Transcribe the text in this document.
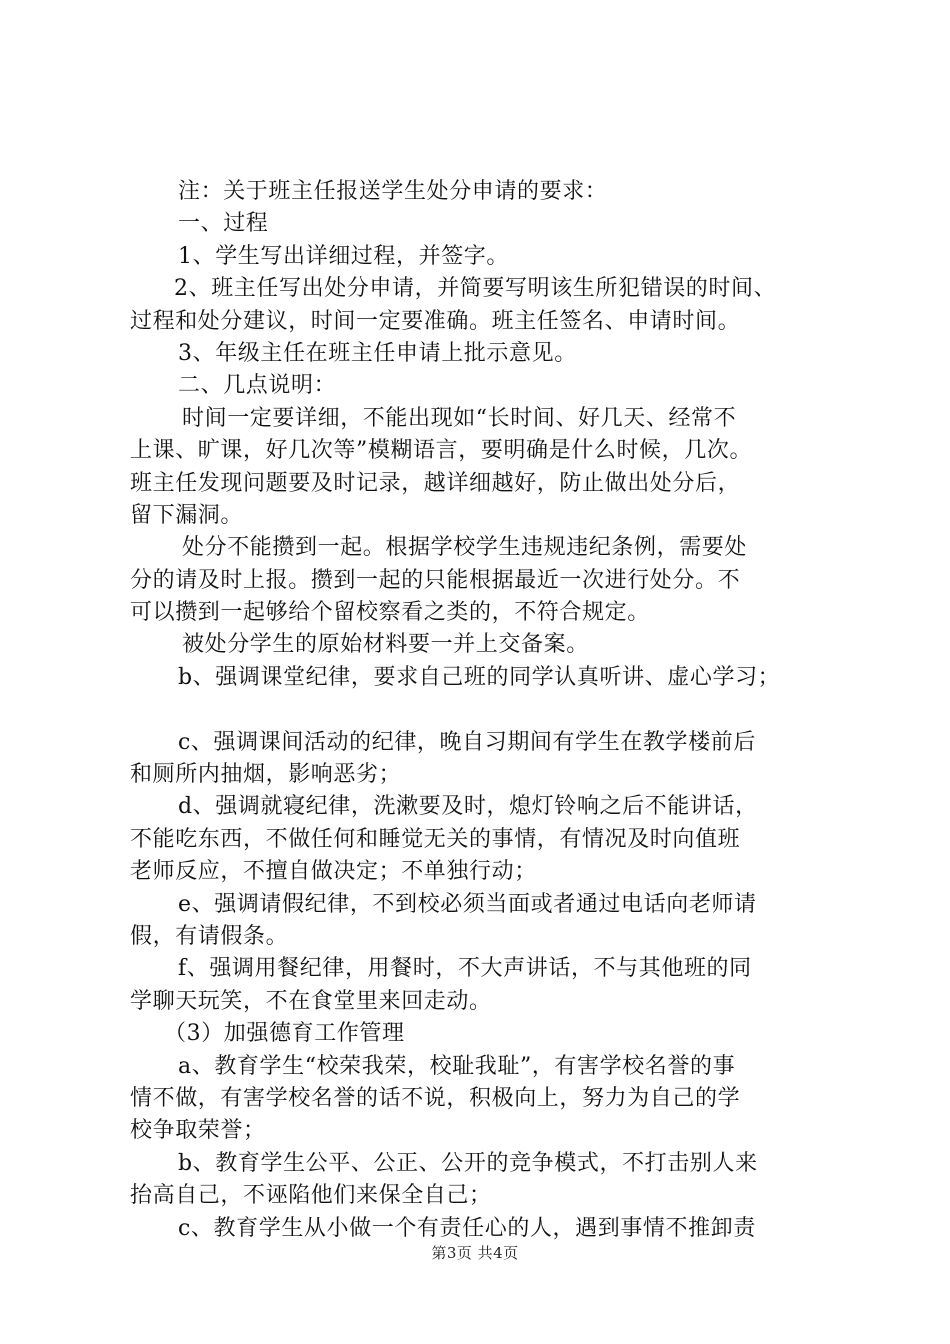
注：关于班主任报送学生处分申请的要求：
一、过程
1、学生写出详细过程，并签字。
2、班主任写出处分申请，并简要写明该生所犯错误的时间、
过程和处分建议，时间一定要准确。班主任签名、申请时间。
3、年级主任在班主任申请上批示意见。
二、几点说明：
时间一定要详细，不能出现如“长时间、好几天、经常不
上课、旷课，好几次等”模糊语言，要明确是什么时候，几次。
班主任发现问题要及时记录，越详细越好，防止做出处分后，
留下漏洞。
处分不能攒到一起。根据学校学生违规违纪条例，需要处
分的请及时上报。攒到一起的只能根据最近一次进行处分。不
可以攒到一起够给个留校察看之类的，不符合规定。
被处分学生的原始材料要一并上交备案。
b、强调课堂纪律，要求自己班的同学认真听讲、虚心学习；
c、强调课间活动的纪律，晚自习期间有学生在教学楼前后
和厕所内抽烟，影响恶劣；
d、强调就寝纪律，洗漱要及时，熄灯铃响之后不能讲话，
不能吃东西，不做任何和睡觉无关的事情，有情况及时向值班
老师反应，不擅自做决定；不单独行动；
e、强调请假纪律，不到校必须当面或者通过电话向老师请
假，有请假条。
f、强调用餐纪律，用餐时，不大声讲话，不与其他班的同
学聊天玩笑，不在食堂里来回走动。
（3）加强德育工作管理
a、教育学生“校荣我荣，校耻我耻”，有害学校名誉的事
情不做，有害学校名誉的话不说，积极向上，努力为自己的学
校争取荣誉；
b、教育学生公平、公正、公开的竞争模式，不打击别人来
抬高自己，不诬陷他们来保全自己；
c、教育学生从小做一个有责任心的人，遇到事情不推卸责
第3页 共4页
